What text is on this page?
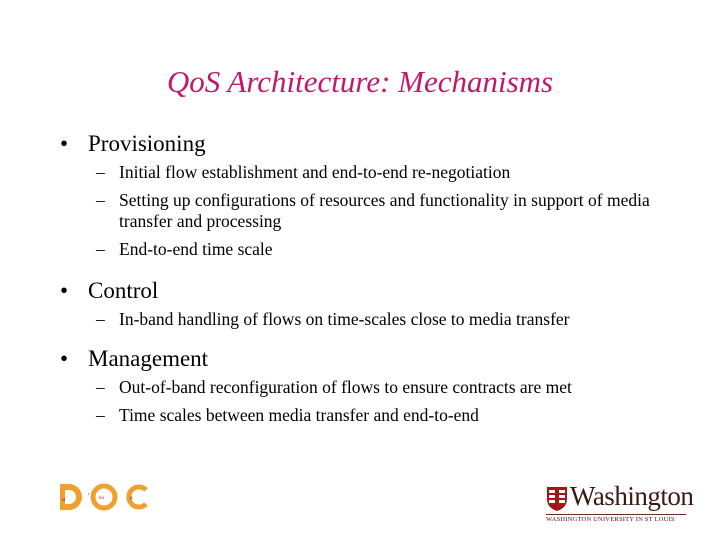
QoS Architecture: Mechanisms
• Provisioning
– Initial flow establishment and end-to-end re-negotiation
– Setting up configurations of resources and functionality in support of media transfer and processing
– End-to-end time scale
• Control
– In-band handling of flows on time-scales close to media transfer
• Management
– Out-of-band reconfiguration of flows to ensure contracts are met
– Time scales between media transfer and end-to-end
u	ba
r
p	Washington
WASHINGTON UNIVERSITY IN ST LOUIS
